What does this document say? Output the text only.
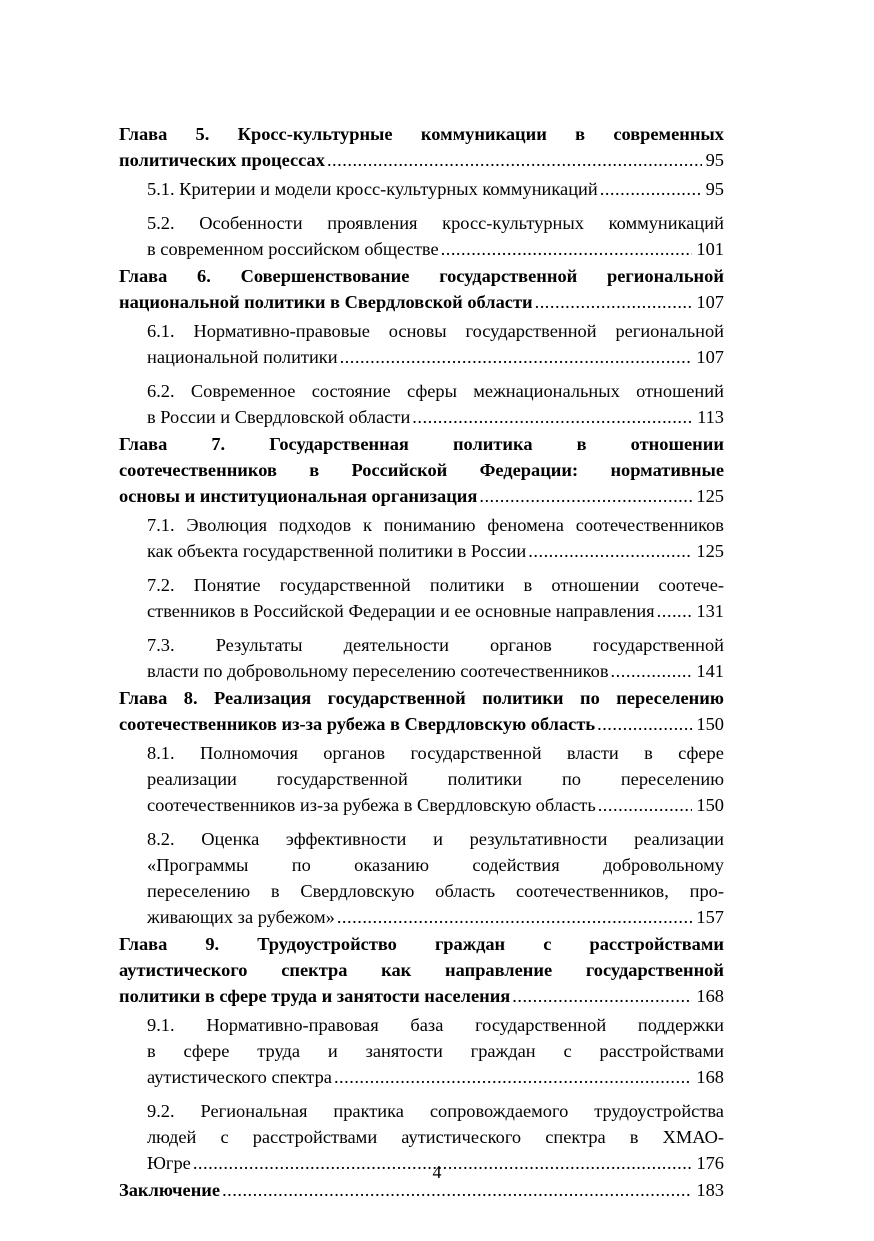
Глава 5. Кросс-культурные коммуникации в современных
политических процессах .....	95
5.1. Критерии и модели кросс-культурных коммуникаций .....	95
5.2. Особенности проявления кросс-культурных коммуникаций
в современном российском обществе .....	101
Глава 6. Совершенствование государственной региональной
национальной политики в Свердловской области .....	107
6.1. Нормативно-правовые основы государственной региональной
национальной политики .....	107
6.2. Современное состояние сферы межнациональных отношений
в России и Свердловской области .....	113
Глава 7. Государственная политика в отношении
соотечественников в Российской Федерации: нормативные
основы и институциональная организация .....	125
7.1. Эволюция подходов к пониманию феномена соотечественников
как объекта государственной политики в России .....	125
7.2. Понятие государственной политики в отношении соотече-
ственников в Российской Федерации и ее основные направления ..... 131
7.3. Результаты деятельности органов государственной
власти по добровольному переселению соотечественников .....	141
Глава 8. Реализация государственной политики по переселению
соотечественников из-за рубежа в Свердловскую область .....	150
8.1. Полномочия органов государственной власти в сфере
реализации государственной политики по переселению
соотечественников из-за рубежа в Свердловскую область .....	150
8.2. Оценка эффективности и результативности реализации
«Программы по оказанию содействия добровольному
переселению в Свердловскую область соотечественников, про-
живающих за рубежом» .....	157
Глава 9. Трудоустройство граждан с расстройствами
аутистического спектра как направление государственной
политики в сфере труда и занятости населения .....	168
9.1. Нормативно-правовая база государственной поддержки
в сфере труда и занятости граждан с расстройствами
аутистического спектра .....	168
9.2. Региональная практика сопровождаемого трудоустройства
людей с расстройствами аутистического спектра в ХМАО-
Югре .....	176
Заключение .....	183
4
